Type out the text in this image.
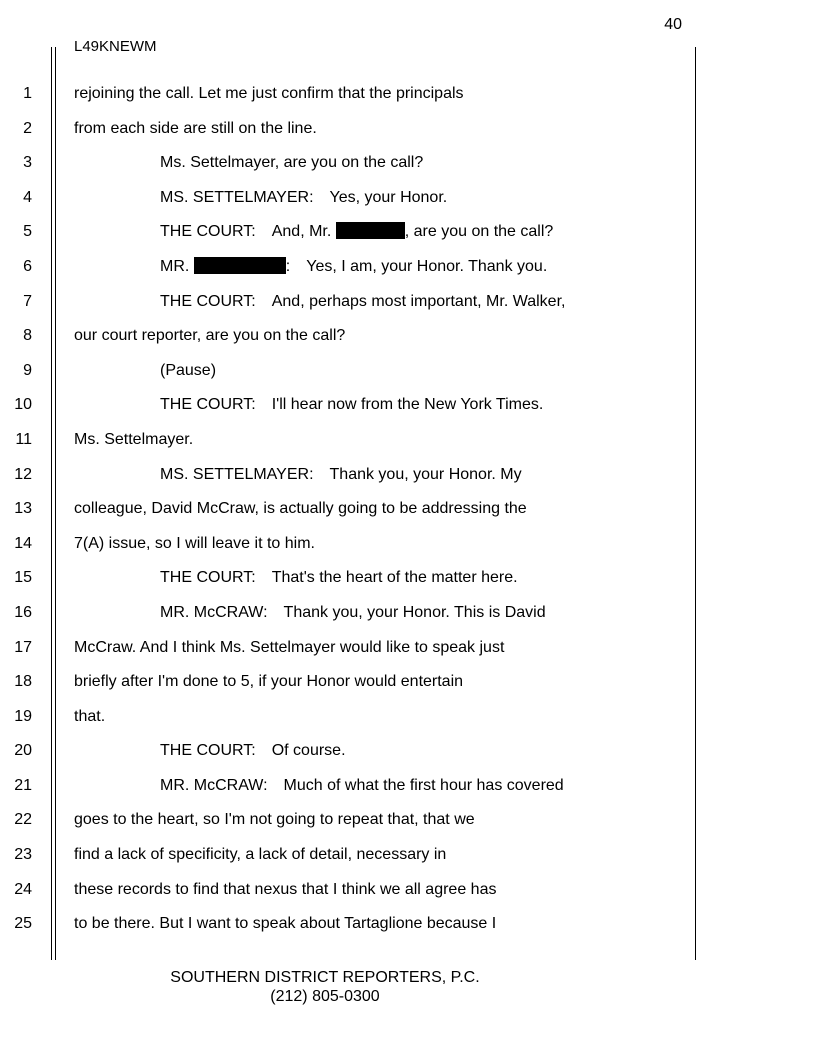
40
L49KNEWM
1	rejoining the call. Let me just confirm that the principals
2	from each side are still on the line.
3	Ms. Settelmayer, are you on the call?
4	MS. SETTELMAYER: Yes, your Honor.
5	THE COURT: And, Mr.	, are you on the call?
6	MR.	: Yes, I am, your Honor. Thank you.
7	THE COURT: And, perhaps most important, Mr. Walker,
8	our court reporter, are you on the call?
9	(Pause)
10	THE COURT: I'll hear now from the New York Times.
11	Ms. Settelmayer.
12	MS. SETTELMAYER: Thank you, your Honor. My
13	colleague, David McCraw, is actually going to be addressing the
14	7(A) issue, so I will leave it to him.
15	THE COURT: That's the heart of the matter here.
16	MR. McCRAW: Thank you, your Honor. This is David
17	McCraw. And I think Ms. Settelmayer would like to speak just
18	briefly after I'm done to 5, if your Honor would entertain
19	that.
20	THE COURT: Of course.
21	MR. McCRAW: Much of what the first hour has covered
22	goes to the heart, so I'm not going to repeat that, that we
23	find a lack of specificity, a lack of detail, necessary in
24	these records to find that nexus that I think we all agree has
25	to be there. But I want to speak about Tartaglione because I
SOUTHERN DISTRICT REPORTERS, P.C.
(212) 805-0300
